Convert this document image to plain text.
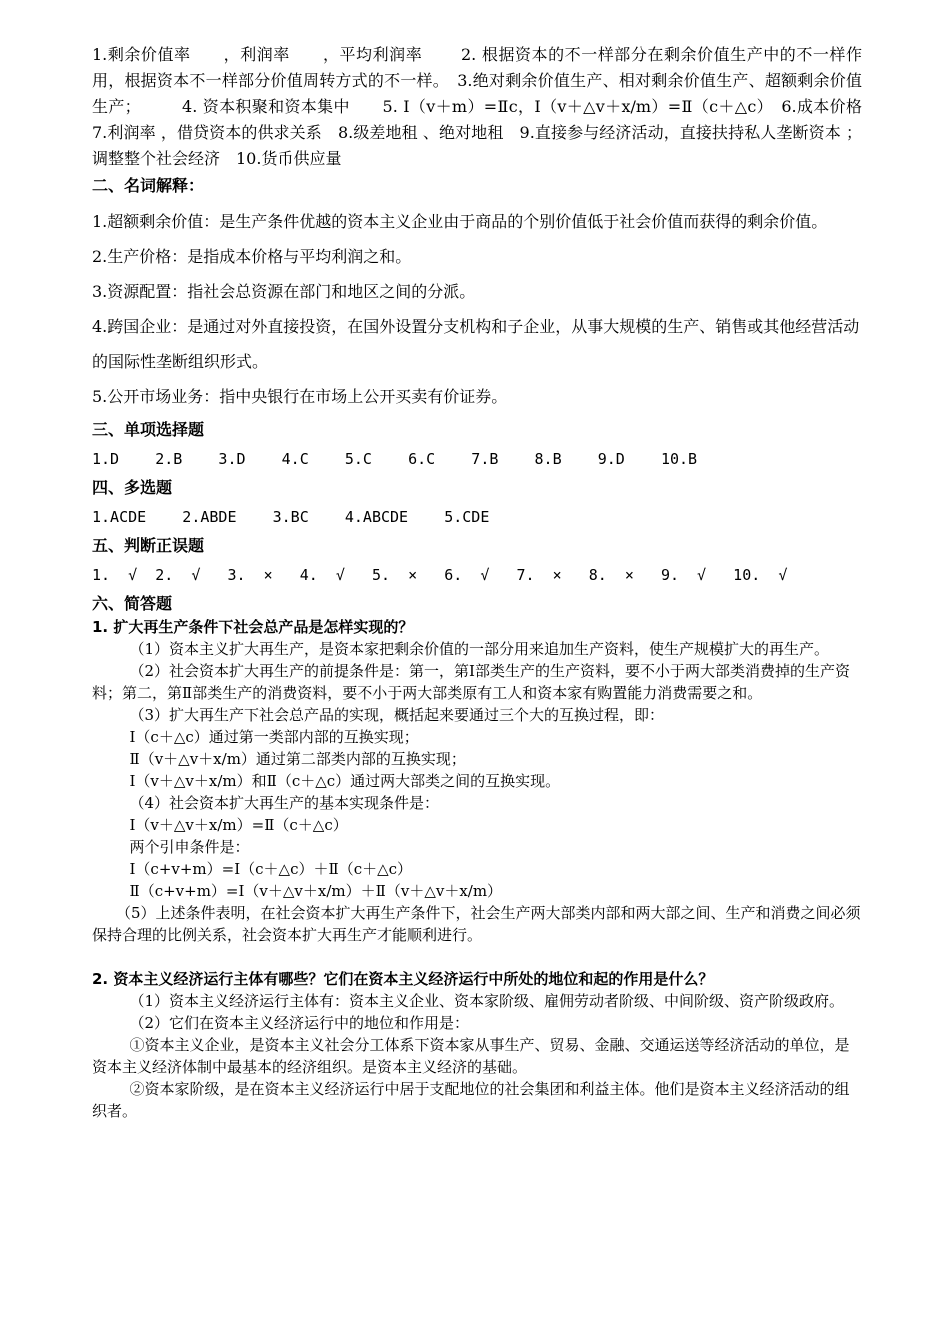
1.剩余价值率　　，利润率　　，平均利润率　　 2. 根据资本的不一样部分在剩余价值生产中的不一样作用，根据资本不一样部分价值周转方式的不一样。　3.绝对剩余价值生产、相对剩余价值生产、超额剩余价值生产；　　　4. 资本积聚和资本集中　　5. Ⅰ（v＋m）=Ⅱc，Ⅰ（v＋△v＋x/m）=Ⅱ（c＋△c）　6.成本价格　7.利润率 ，借贷资本的供求关系　8.级差地租 、绝对地租　9.直接参与经济活动，直接扶持私人垄断资本 ；调整整个社会经济　10.货币供应量

二、名词解释：

1.超额剩余价值：是生产条件优越的资本主义企业由于商品的个别价值低于社会价值而获得的剩余价值。

2.生产价格：是指成本价格与平均利润之和。

3.资源配置：指社会总资源在部门和地区之间的分派。

4.跨国企业：是通过对外直接投资，在国外设置分支机构和子企业，从事大规模的生产、销售或其他经营活动的国际性垄断组织形式。

5.公开市场业务：指中央银行在市场上公开买卖有价证券。

三、单项选择题

1.D    2.B    3.D    4.C    5.C    6.C    7.B    8.B    9.D    10.B

四、多选题

1.ACDE    2.ABDE    3.BC    4.ABCDE    5.CDE

五、判断正误题

1.  √  2.  √   3.  ×   4.  √   5.  ×   6.  √   7.  ×   8.  ×   9.  √   10.  √

六、简答题

1. 扩大再生产条件下社会总产品是怎样实现的？

（1）资本主义扩大再生产，是资本家把剩余价值的一部分用来追加生产资料，使生产规模扩大的再生产。

（2）社会资本扩大再生产的前提条件是：第一，第Ⅰ部类生产的生产资料，要不小于两大部类消费掉的生产资料；第二，第Ⅱ部类生产的消费资料，要不小于两大部类原有工人和资本家有购置能力消费需要之和。

（3）扩大再生产下社会总产品的实现，概括起来要通过三个大的互换过程，即：

Ⅰ（c＋△c）通过第一类部内部的互换实现；

Ⅱ（v＋△v＋x/m）通过第二部类内部的互换实现；

Ⅰ（v＋△v＋x/m）和Ⅱ（c＋△c）通过两大部类之间的互换实现。

（4）社会资本扩大再生产的基本实现条件是：

Ⅰ（v＋△v＋x/m）=Ⅱ（c＋△c）

两个引申条件是：

Ⅰ（c+v+m）=Ⅰ（c＋△c）＋Ⅱ（c＋△c）

Ⅱ（c+v+m）=Ⅰ（v＋△v＋x/m）＋Ⅱ（v＋△v＋x/m）

（5）上述条件表明，在社会资本扩大再生产条件下，社会生产两大部类内部和两大部之间、生产和消费之间必须保持合理的比例关系，社会资本扩大再生产才能顺利进行。

2. 资本主义经济运行主体有哪些？它们在资本主义经济运行中所处的地位和起的作用是什么？

（1）资本主义经济运行主体有：资本主义企业、资本家阶级、雇佣劳动者阶级、中间阶级、资产阶级政府。

（2）它们在资本主义经济运行中的地位和作用是：

①资本主义企业，是资本主义社会分工体系下资本家从事生产、贸易、金融、交通运送等经济活动的单位，是资本主义经济体制中最基本的经济组织。是资本主义经济的基础。

②资本家阶级，是在资本主义经济运行中居于支配地位的社会集团和利益主体。他们是资本主义经济活动的组织者。
